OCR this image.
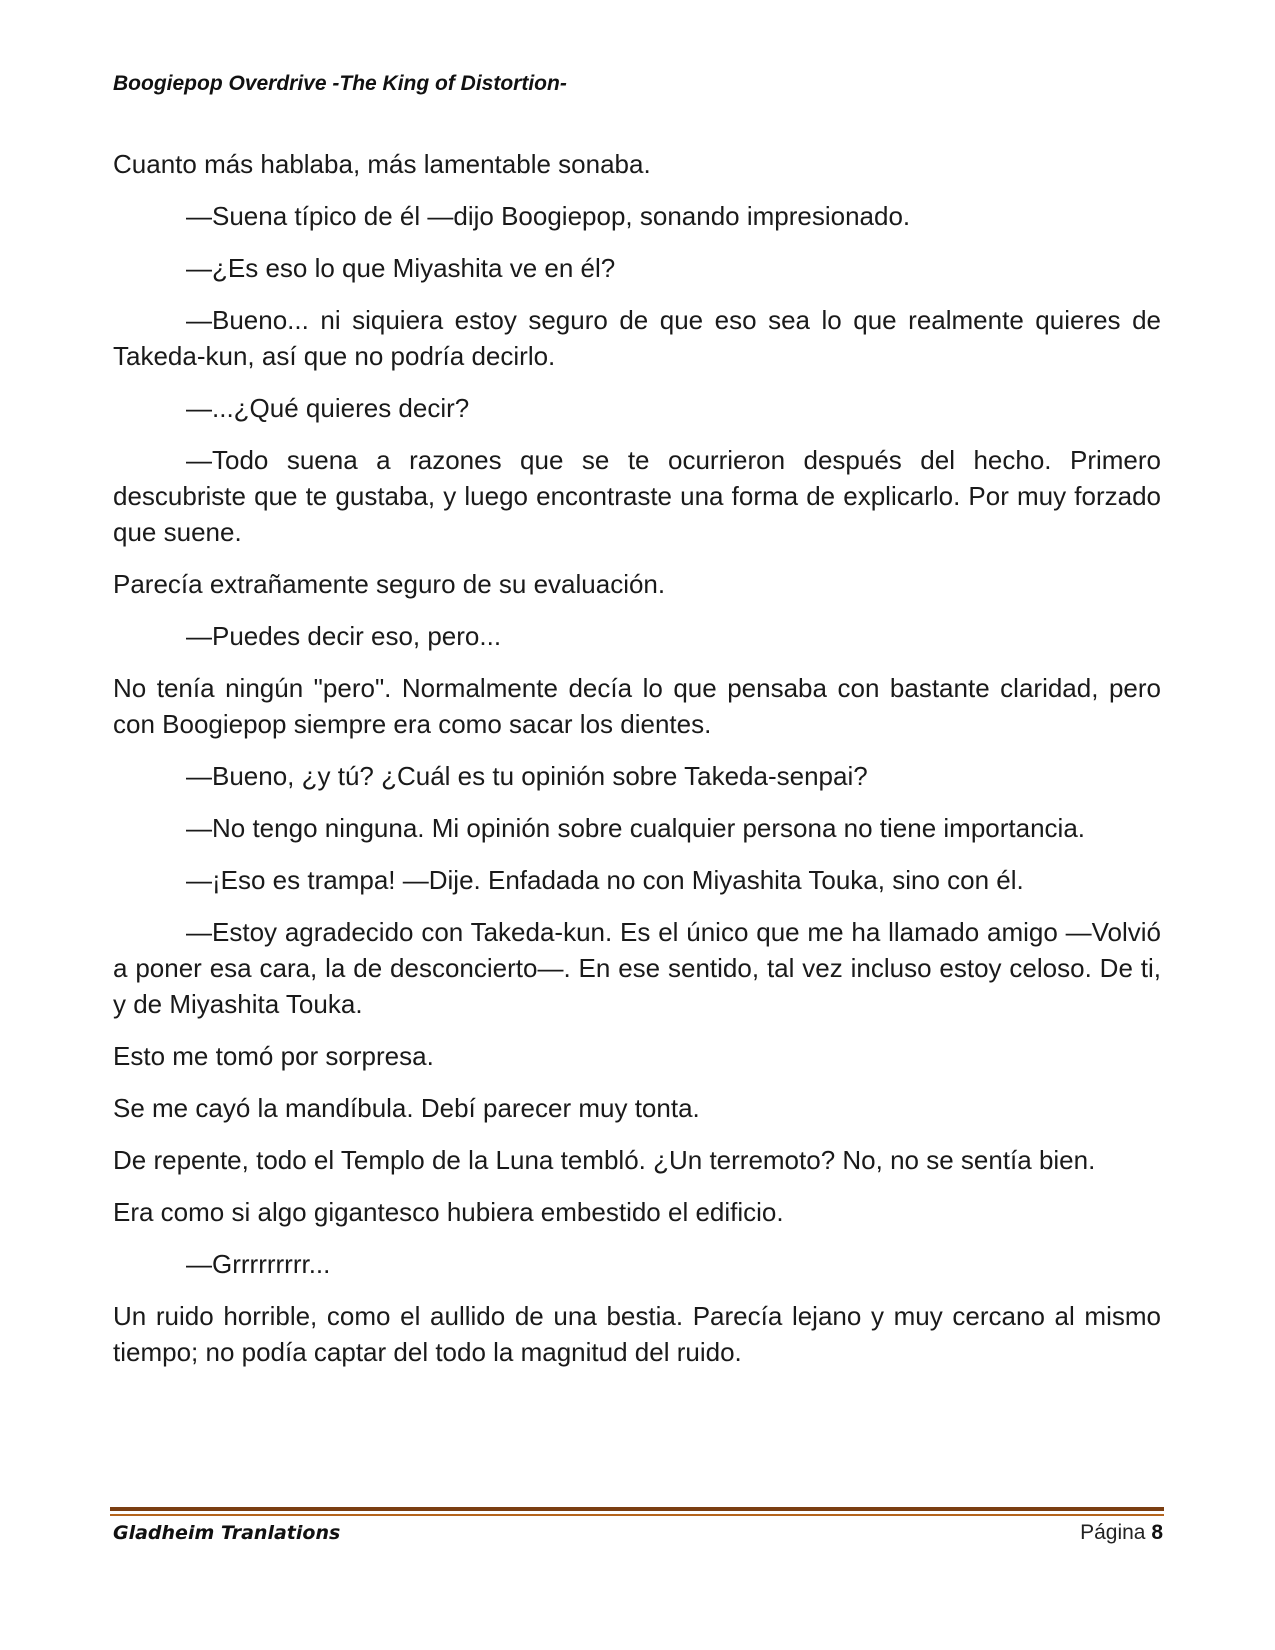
Boogiepop Overdrive -The King of Distortion-

Cuanto más hablaba, más lamentable sonaba.

—Suena típico de él —dijo Boogiepop, sonando impresionado.

—¿Es eso lo que Miyashita ve en él?

—Bueno... ni siquiera estoy seguro de que eso sea lo que realmente quieres de Takeda-kun, así que no podría decirlo.

—...¿Qué quieres decir?

—Todo suena a razones que se te ocurrieron después del hecho. Primero descubriste que te gustaba, y luego encontraste una forma de explicarlo. Por muy forzado que suene.

Parecía extrañamente seguro de su evaluación.

—Puedes decir eso, pero...

No tenía ningún "pero". Normalmente decía lo que pensaba con bastante claridad, pero con Boogiepop siempre era como sacar los dientes.

—Bueno, ¿y tú? ¿Cuál es tu opinión sobre Takeda-senpai?

—No tengo ninguna. Mi opinión sobre cualquier persona no tiene importancia.

—¡Eso es trampa! —Dije. Enfadada no con Miyashita Touka, sino con él.

—Estoy agradecido con Takeda-kun. Es el único que me ha llamado amigo —Volvió a poner esa cara, la de desconcierto—. En ese sentido, tal vez incluso estoy celoso. De ti, y de Miyashita Touka.

Esto me tomó por sorpresa.

Se me cayó la mandíbula. Debí parecer muy tonta.

De repente, todo el Templo de la Luna tembló. ¿Un terremoto? No, no se sentía bien.

Era como si algo gigantesco hubiera embestido el edificio.

—Grrrrrrrrr...

Un ruido horrible, como el aullido de una bestia. Parecía lejano y muy cercano al mismo tiempo; no podía captar del todo la magnitud del ruido.

Gladheim Tranlations	Página 8
